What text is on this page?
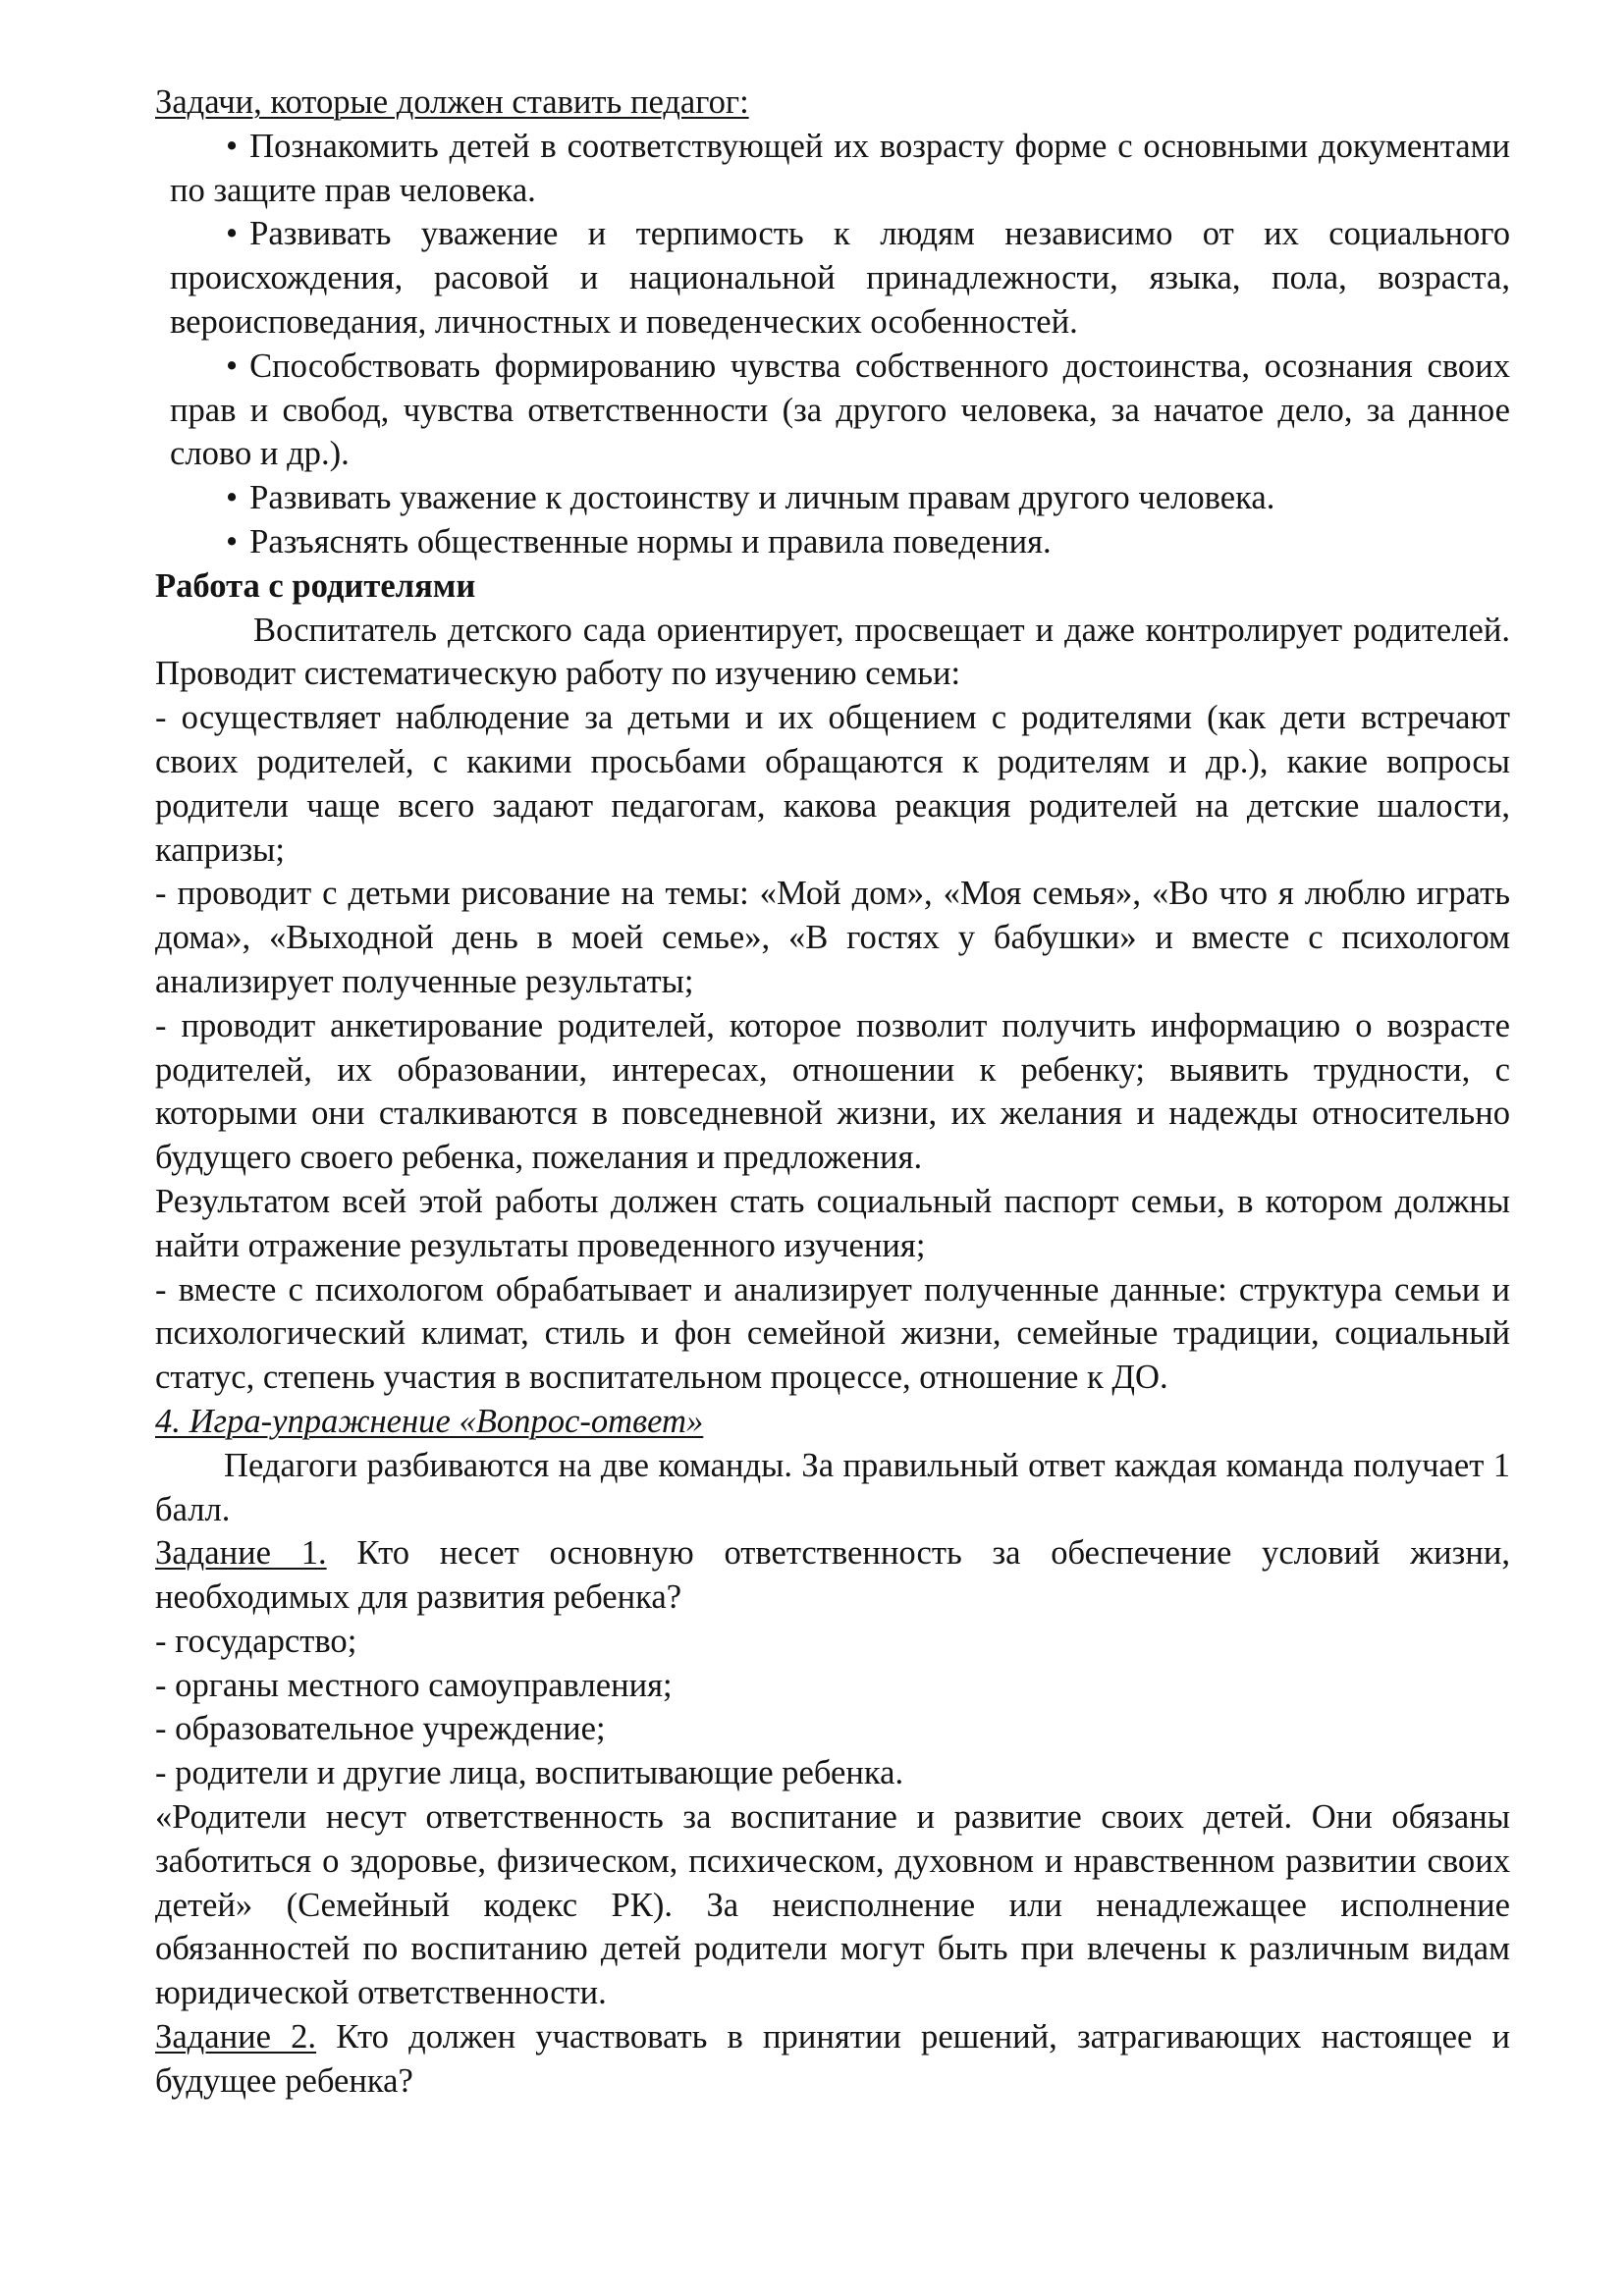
Задачи, которые должен ставить педагог:

• Познакомить детей в соответствующей их возрасту форме с основными документами по защите прав человека.
• Развивать уважение и терпимость к людям независимо от их социального происхождения, расовой и национальной принадлежности, языка, пола, возраста, вероисповедания, личностных и поведенческих особенностей.
• Способствовать формированию чувства собственного достоинства, осознания своих прав и свобод, чувства ответственности (за другого человека, за начатое дело, за данное слово и др.).
• Развивать уважение к достоинству и личным правам другого человека.
• Разъяснять общественные нормы и правила поведения.

Работа с родителями

Воспитатель детского сада ориентирует, просвещает и даже контролирует родителей. Проводит систематическую работу по изучению семьи:

- осуществляет наблюдение за детьми и их общением с родителями (как дети встречают своих родителей, с какими просьбами обращаются к родителям и др.), какие вопросы родители чаще всего задают педагогам, какова реакция родителей на детские шалости, капризы;

- проводит с детьми рисование на темы: «Мой дом», «Моя семья», «Во что я люблю играть дома», «Выходной день в моей семье», «В гостях у бабушки» и вместе с психологом анализирует полученные результаты;

- проводит анкетирование родителей, которое позволит получить информацию о возрасте родителей, их образовании, интересах, отношении к ребенку; выявить трудности, с которыми они сталкиваются в повседневной жизни, их желания и надежды относительно будущего своего ребенка, пожелания и предложения.

Результатом всей этой работы должен стать социальный паспорт семьи, в котором должны найти отражение результаты проведенного изучения;

- вместе с психологом обрабатывает и анализирует полученные данные: структура семьи и психологический климат, стиль и фон семейной жизни, семейные традиции, социальный статус, степень участия в воспитательном процессе, отношение к ДО.

4. Игра-упражнение «Вопрос-ответ»

Педагоги разбиваются на две команды. За правильный ответ каждая команда получает 1 балл.

Задание 1. Кто несет основную ответственность за обеспечение условий жизни, необходимых для развития ребенка?

- государство;

- органы местного самоуправления;

- образовательное учреждение;

- родители и другие лица, воспитывающие ребенка.

«Родители несут ответственность за воспитание и развитие своих детей. Они обязаны заботиться о здоровье, физическом, психическом, духовном и нравственном развитии своих детей» (Семейный кодекс РК). За неисполнение или ненадлежащее исполнение обязанностей по воспитанию детей родители могут быть при влечены к различным видам юридической ответственности.

Задание 2. Кто должен участвовать в принятии решений, затрагивающих настоящее и будущее ребенка?
